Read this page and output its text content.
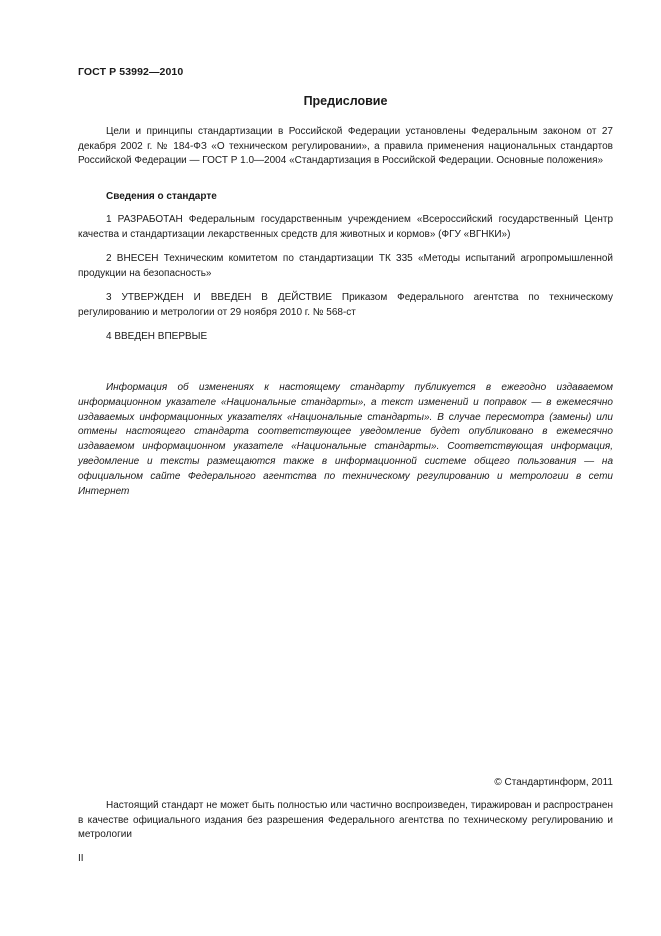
ГОСТ Р 53992—2010
Предисловие

Цели и принципы стандартизации в Российской Федерации установлены Федеральным законом от 27 декабря 2002 г. № 184-ФЗ «О техническом регулировании», а правила применения национальных стандартов Российской Федерации — ГОСТ Р 1.0—2004 «Стандартизация в Российской Федерации. Основные положения»

Сведения о стандарте

1 РАЗРАБОТАН Федеральным государственным учреждением «Всероссийский государственный Центр качества и стандартизации лекарственных средств для животных и кормов» (ФГУ «ВГНКИ»)

2 ВНЕСЕН Техническим комитетом по стандартизации ТК 335 «Методы испытаний агропромышленной продукции на безопасность»

3 УТВЕРЖДЕН И ВВЕДЕН В ДЕЙСТВИЕ Приказом Федерального агентства по техническому регулированию и метрологии от 29 ноября 2010 г. № 568-ст

4 ВВЕДЕН ВПЕРВЫЕ

Информация об изменениях к настоящему стандарту публикуется в ежегодно издаваемом информационном указателе «Национальные стандарты», а текст изменений и поправок — в ежемесячно издаваемых информационных указателях «Национальные стандарты». В случае пересмотра (замены) или отмены настоящего стандарта соответствующее уведомление будет опубликовано в ежемесячно издаваемом информационном указателе «Национальные стандарты». Соответствующая информация, уведомление и тексты размещаются также в информационной системе общего пользования — на официальном сайте Федерального агентства по техническому регулированию и метрологии в сети Интернет

© Стандартинформ, 2011

Настоящий стандарт не может быть полностью или частично воспроизведен, тиражирован и распространен в качестве официального издания без разрешения Федерального агентства по техническому регулированию и метрологии

II
